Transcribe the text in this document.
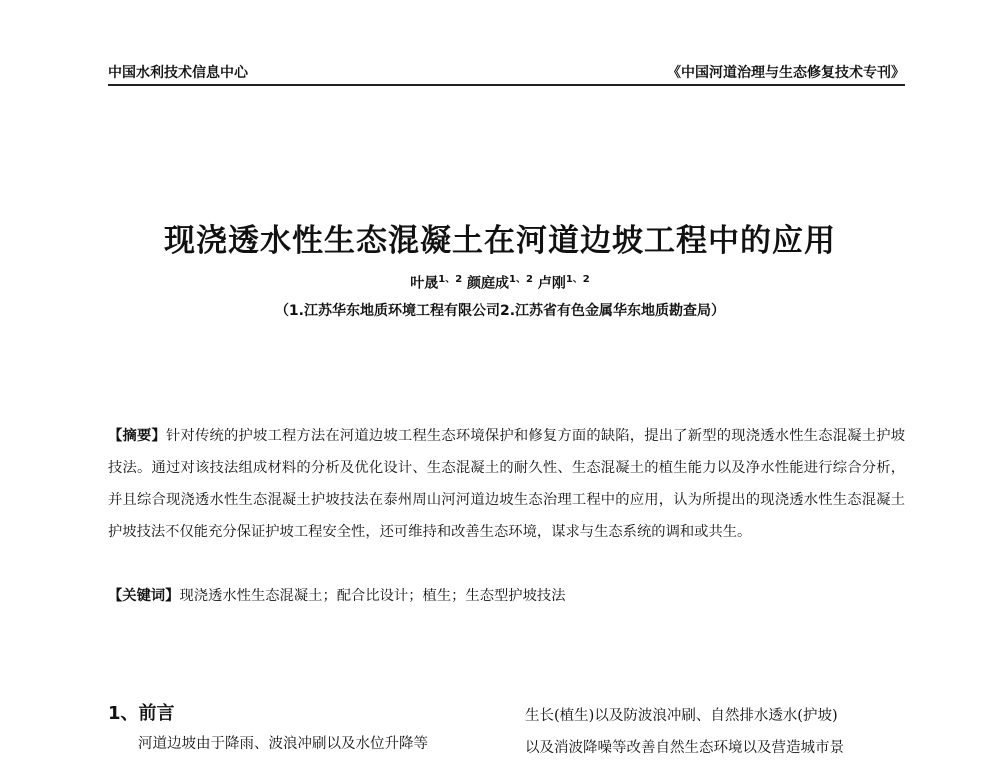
中国水利技术信息中心	《中国河道治理与生态修复技术专刊》
现浇透水性生态混凝土在河道边坡工程中的应用
叶晟$^{1、2}$ 颜庭成$^{1、2}$ 卢刚$^{1、2}$
（1.江苏华东地质环境工程有限公司2.江苏省有色金属华东地质勘查局）
【摘要】针对传统的护坡工程方法在河道边坡工程生态环境保护和修复方面的缺陷，提出了新型的现浇透水性生态混凝土护坡技法。通过对该技法组成材料的分析及优化设计、生态混凝土的耐久性、生态混凝土的植生能力以及净水性能进行综合分析，并且综合现浇透水性生态混凝土护坡技法在泰州周山河河道边坡生态治理工程中的应用，认为所提出的现浇透水性生态混凝土护坡技法不仅能充分保证护坡工程安全性，还可维持和改善生态环境，谋求与生态系统的调和或共生。
【关键词】现浇透水性生态混凝土；配合比设计；植生；生态型护坡技法
1、前言
河道边坡由于降雨、波浪冲刷以及水位升降等
生长(植生)以及防波浪冲刷、自然排水透水(护坡)
以及消波降噪等改善自然生态环境以及营造城市景
